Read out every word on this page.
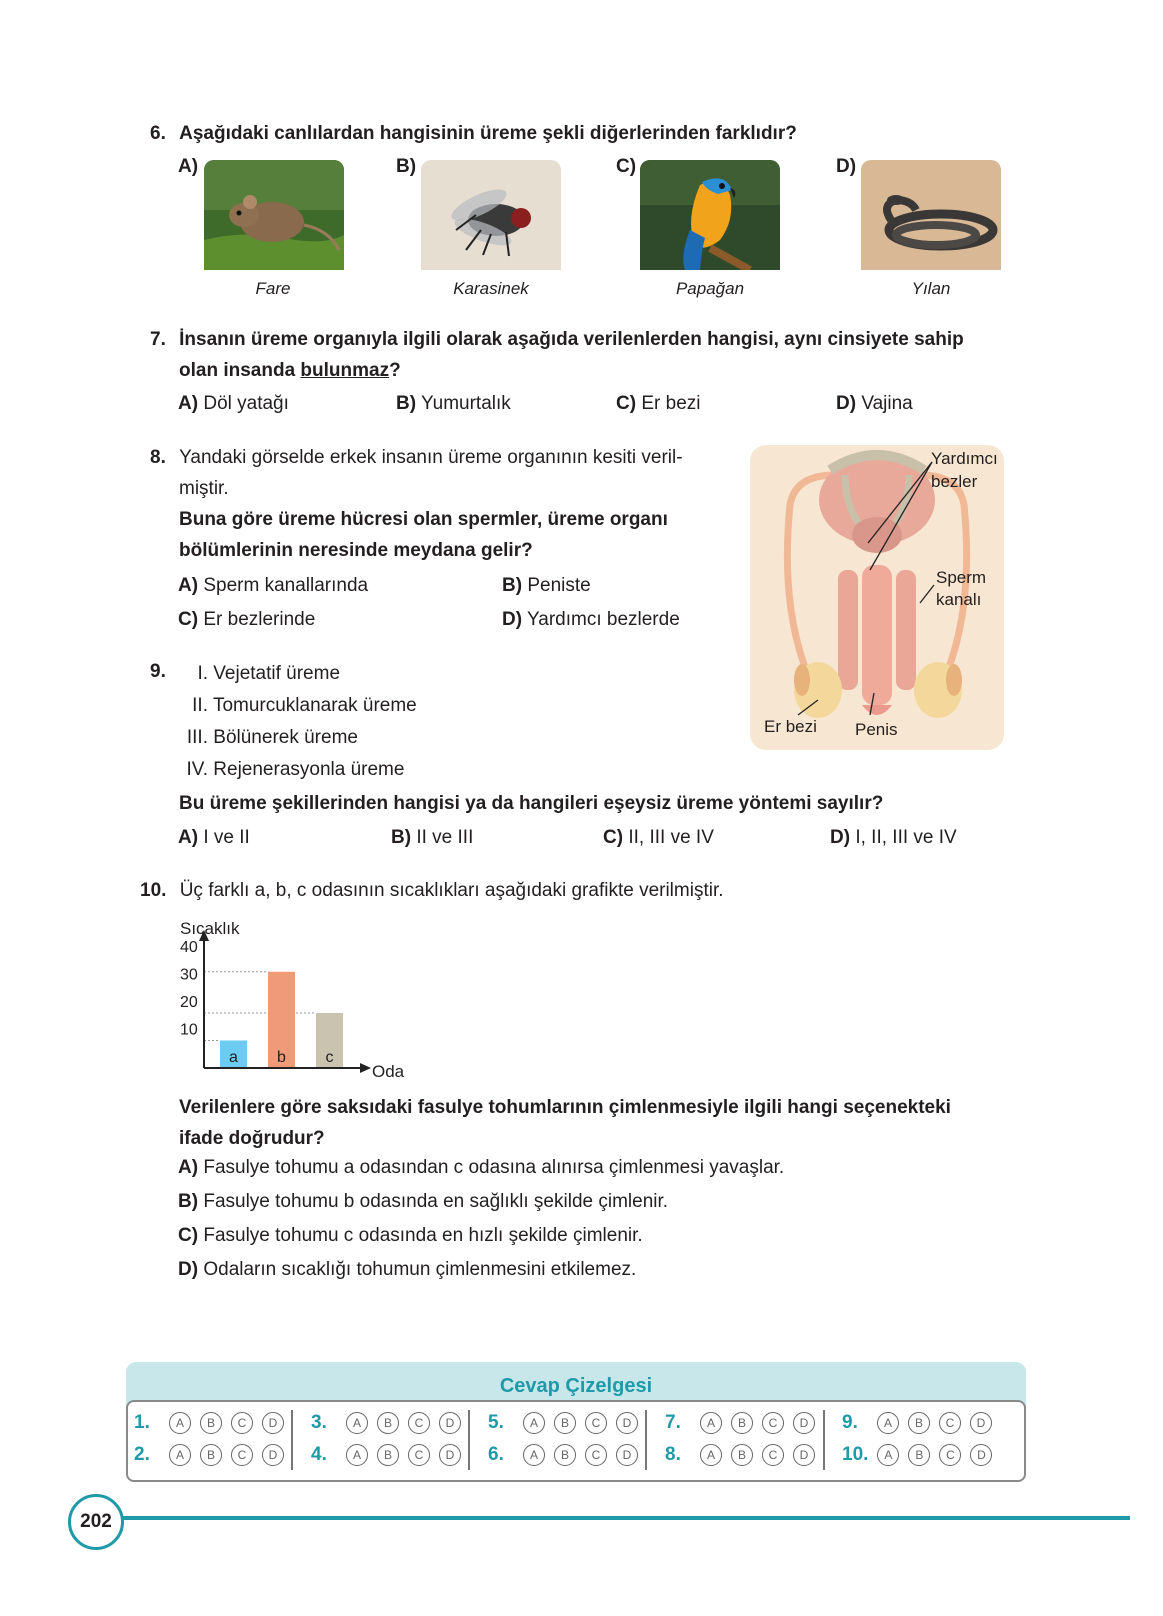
6. Aşağıdaki canlılardan hangisinin üreme şekli diğerlerinden farklıdır?
A)	B)	C)	D)
Fare	Karasinek	Papağan	Yılan
7. İnsanın üreme organıyla ilgili olarak aşağıda verilenlerden hangisi, aynı cinsiyete sahip
olan insanda bulunmaz?
A) Döl yatağı	B) Yumurtalık	C) Er bezi	D) Vajina
8. Yandaki görselde erkek insanın üreme organının kesiti veril-
miştir.
Buna göre üreme hücresi olan spermler, üreme organı
bölümlerinin neresinde meydana gelir?
A) Sperm kanallarında	B) Peniste
C) Er bezlerinde	D) Yardımcı bezlerde
Yardımcı
bezler
Sperm
kanalı
Er bezi Penis
9.	I. Vejetatif üreme
II. Tomurcuklanarak üreme
III. Bölünerek üreme
IV. Rejenerasyonla üreme
Bu üreme şekillerinden hangisi ya da hangileri eşeysiz üreme yöntemi sayılır?
A) I ve II	B) II ve III	C) II, III ve IV	D) I, II, III ve IV
10. Üç farklı a, b, c odasının sıcaklıkları aşağıdaki grafikte verilmiştir.
a b c
10
20
30
40
Sıcaklık
Oda
Verilenlere göre saksıdaki fasulye tohumlarının çimlenmesiyle ilgili hangi seçenekteki
ifade doğrudur?
A) Fasulye tohumu a odasından c odasına alınırsa çimlenmesi yavaşlar.
B) Fasulye tohumu b odasında en sağlıklı şekilde çimlenir.
C) Fasulye tohumu c odasında en hızlı şekilde çimlenir.
D) Odaların sıcaklığı tohumun çimlenmesini etkilemez.
Cevap Çizelgesi
1. A B C D	3. A B C D	5. A B C D	7. A B C D	9. A B C D
2. A B C D	4. A B C D	6. A B C D	8. A B C D	10. A B C D
202
